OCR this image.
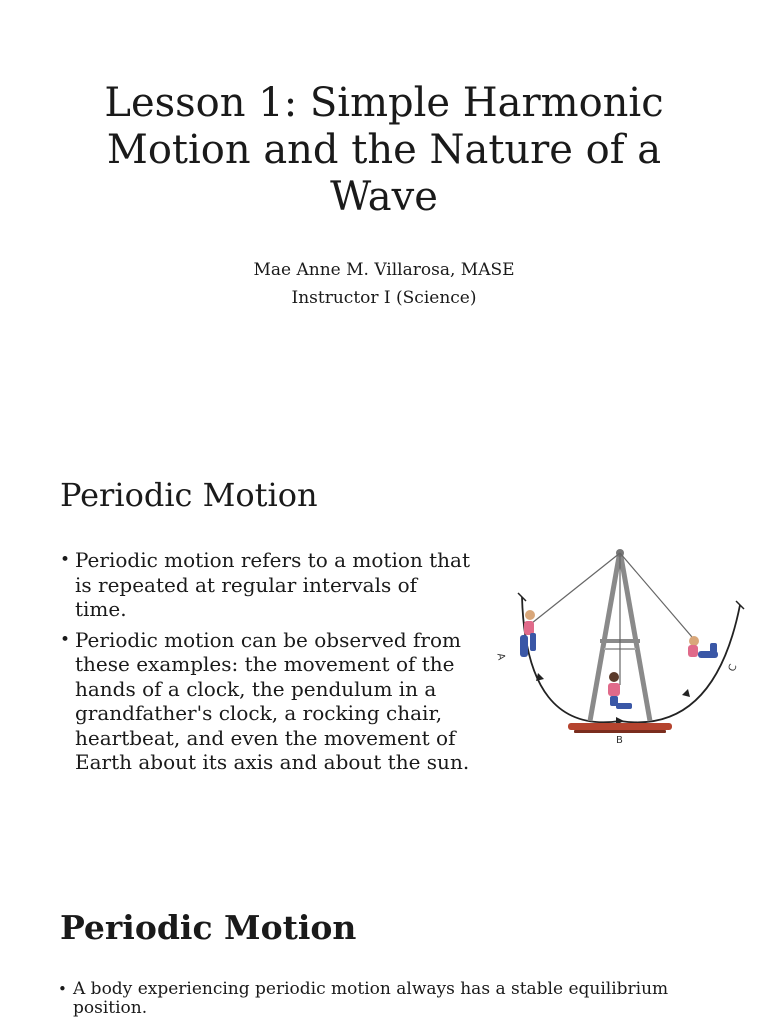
Lesson 1: Simple Harmonic Motion and the Nature of a Wave
Mae Anne M. Villarosa, MASE
Instructor I (Science)
Periodic Motion
• Periodic motion refers to a motion that is repeated at regular intervals of time.
• Periodic motion can be observed from these examples: the movement of the hands of a clock, the pendulum in a grandfather's clock, a rocking chair, heartbeat, and even the movement of Earth about its axis and about the sun.
A
B
C
Periodic Motion
• A body experiencing periodic motion always has a stable equilibrium position.
